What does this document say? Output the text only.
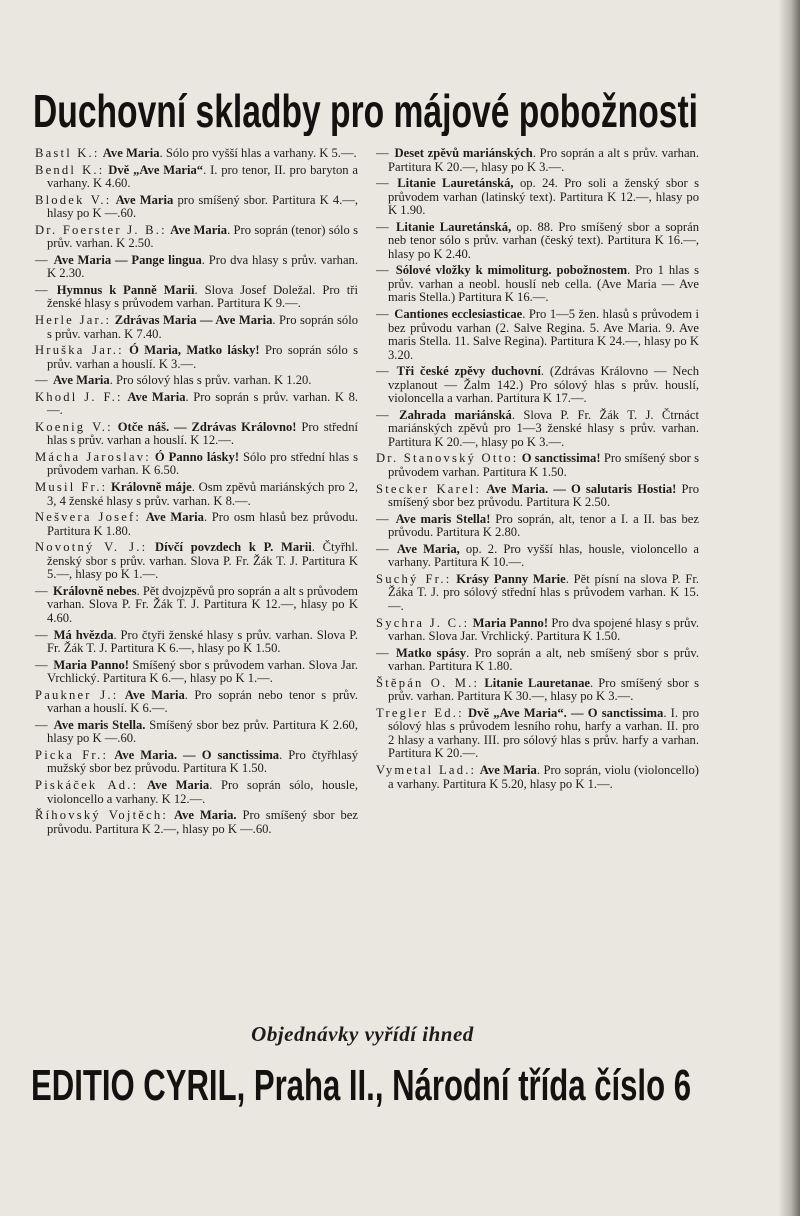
Duchovní skladby pro májové pobožnosti
Bastl K.: Ave Maria. Sólo pro vyšší hlas a varhany. K 5.—.
Bendl K.: Dvě „Ave Maria“. I. pro tenor, II. pro baryton a varhany. K 4.60.
Blodek V.: Ave Maria pro smíšený sbor. Partitura K 4.—, hlasy po K —.60.
Dr. Foerster J. B.: Ave Maria. Pro soprán (tenor) sólo s prův. varhan. K 2.50.
— Ave Maria — Pange lingua. Pro dva hlasy s prův. varhan. K 2.30.
— Hymnus k Panně Marii. Slova Josef Doležal. Pro tři ženské hlasy s průvodem varhan. Partitura K 9.—.
Herle Jar.: Zdrávas Maria — Ave Maria. Pro soprán sólo s prův. varhan. K 7.40.
Hruška Jar.: Ó Maria, Matko lásky! Pro soprán sólo s prův. varhan a houslí. K 3.—.
— Ave Maria. Pro sólový hlas s prův. varhan. K 1.20.
Khodl J. F.: Ave Maria. Pro soprán s prův. varhan. K 8.—.
Koenig V.: Otče náš. — Zdrávas Královno! Pro střední hlas s prův. varhan a houslí. K 12.—.
Mácha Jaroslav: Ó Panno lásky! Sólo pro střední hlas s průvodem varhan. K 6.50.
Musil Fr.: Královně máje. Osm zpěvů mariánských pro 2, 3, 4 ženské hlasy s prův. varhan. K 8.—.
Nešvera Josef: Ave Maria. Pro osm hlasů bez průvodu. Partitura K 1.80.
Novotný V. J.: Dívčí povzdech k P. Marii. Čtyřhl. ženský sbor s prův. varhan. Slova P. Fr. Žák T. J. Partitura K 5.—, hlasy po K 1.—.
— Královně nebes. Pět dvojzpěvů pro soprán a alt s průvodem varhan. Slova P. Fr. Žák T. J. Partitura K 12.—, hlasy po K 4.60.
— Má hvězda. Pro čtyři ženské hlasy s prův. varhan. Slova P. Fr. Žák T. J. Partitura K 6.—, hlasy po K 1.50.
— Maria Panno! Smíšený sbor s průvodem varhan. Slova Jar. Vrchlický. Partitura K 6.—, hlasy po K 1.—.
Paukner J.: Ave Maria. Pro soprán nebo tenor s prův. varhan a houslí. K 6.—.
— Ave maris Stella. Smíšený sbor bez prův. Partitura K 2.60, hlasy po K —.60.
Picka Fr.: Ave Maria. — O sanctissima. Pro čtyřhlasý mužský sbor bez průvodu. Partitura K 1.50.
Piskáček Ad.: Ave Maria. Pro soprán sólo, housle, violoncello a varhany. K 12.—.
Říhovský Vojtěch: Ave Maria. Pro smíšený sbor bez průvodu. Partitura K 2.—, hlasy po K —.60.
— Deset zpěvů mariánských. Pro soprán a alt s prův. varhan. Partitura K 20.—, hlasy po K 3.—.
— Litanie Lauretánská, op. 24. Pro soli a ženský sbor s průvodem varhan (latinský text). Partitura K 12.—, hlasy po K 1.90.
— Litanie Lauretánská, op. 88. Pro smíšený sbor a soprán neb tenor sólo s prův. varhan (český text). Partitura K 16.—, hlasy po K 2.40.
— Sólové vložky k mimoliturg. pobožnostem. Pro 1 hlas s prův. varhan a neobl. houslí neb cella. (Ave Maria — Ave maris Stella.) Partitura K 16.—.
— Cantiones ecclesiasticae. Pro 1—5 žen. hlasů s průvodem i bez průvodu varhan (2. Salve Regina. 5. Ave Maria. 9. Ave maris Stella. 11. Salve Regina). Partitura K 24.—, hlasy po K 3.20.
— Tři české zpěvy duchovní. (Zdrávas Královno — Nech vzplanout — Žalm 142.) Pro sólový hlas s prův. houslí, violoncella a varhan. Partitura K 17.—.
— Zahrada mariánská. Slova P. Fr. Žák T. J. Čtrnáct mariánských zpěvů pro 1—3 ženské hlasy s prův. varhan. Partitura K 20.—, hlasy po K 3.—.
Dr. Stanovský Otto: O sanctissima! Pro smíšený sbor s průvodem varhan. Partitura K 1.50.
Stecker Karel: Ave Maria. — O salutaris Hostia! Pro smíšený sbor bez průvodu. Partitura K 2.50.
— Ave maris Stella! Pro soprán, alt, tenor a I. a II. bas bez průvodu. Partitura K 2.80.
— Ave Maria, op. 2. Pro vyšší hlas, housle, violoncello a varhany. Partitura K 10.—.
Suchý Fr.: Krásy Panny Marie. Pět písní na slova P. Fr. Žáka T. J. pro sólový střední hlas s průvodem varhan. K 15.—.
Sychra J. C.: Maria Panno! Pro dva spojené hlasy s prův. varhan. Slova Jar. Vrchlický. Partitura K 1.50.
— Matko spásy. Pro soprán a alt, neb smíšený sbor s prův. varhan. Partitura K 1.80.
Štěpán O. M.: Litanie Lauretanae. Pro smíšený sbor s prův. varhan. Partitura K 30.—, hlasy po K 3.—.
Tregler Ed.: Dvě „Ave Maria“. — O sanctissima. I. pro sólový hlas s průvodem lesního rohu, harfy a varhan. II. pro 2 hlasy a varhany. III. pro sólový hlas s prův. harfy a varhan. Partitura K 20.—.
Vymetal Lad.: Ave Maria. Pro soprán, violu (violoncello) a varhany. Partitura K 5.20, hlasy po K 1.—.
Objednávky vyřídí ihned
EDITIO CYRIL, Praha II., Národní třída číslo 6
